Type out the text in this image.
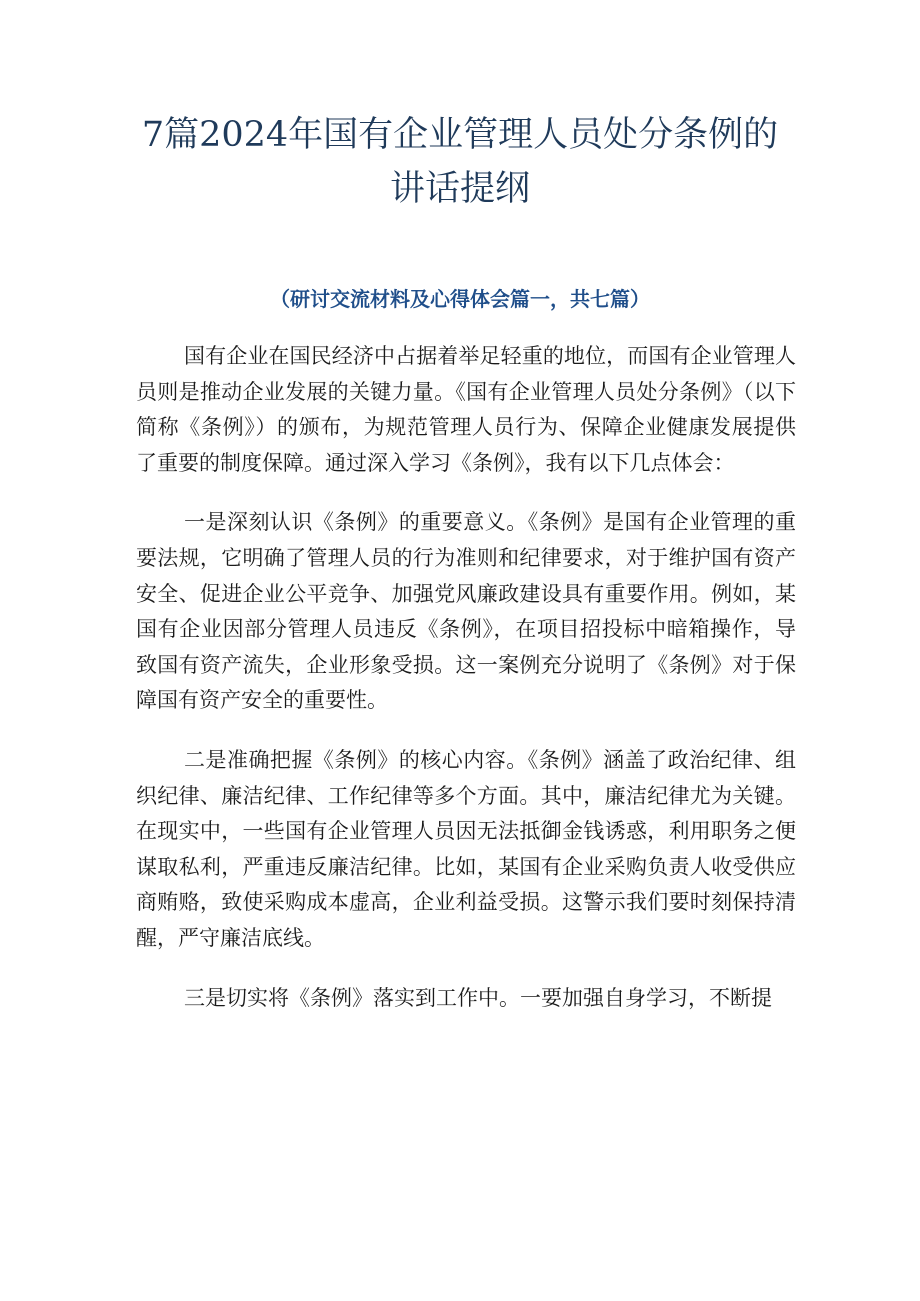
7篇2024年国有企业管理人员处分条例的
讲话提纲
（研讨交流材料及心得体会篇一，共七篇）

国有企业在国民经济中占据着举足轻重的地位，而国有企业管理人员则是推动企业发展的关键力量。《国有企业管理人员处分条例》（以下简称《条例》）的颁布，为规范管理人员行为、保障企业健康发展提供了重要的制度保障。通过深入学习《条例》，我有以下几点体会：

一是深刻认识《条例》的重要意义。《条例》是国有企业管理的重要法规，它明确了管理人员的行为准则和纪律要求，对于维护国有资产安全、促进企业公平竞争、加强党风廉政建设具有重要作用。例如，某国有企业因部分管理人员违反《条例》，在项目招投标中暗箱操作，导致国有资产流失，企业形象受损。这一案例充分说明了《条例》对于保障国有资产安全的重要性。

二是准确把握《条例》的核心内容。《条例》涵盖了政治纪律、组织纪律、廉洁纪律、工作纪律等多个方面。其中，廉洁纪律尤为关键。在现实中，一些国有企业管理人员因无法抵御金钱诱惑，利用职务之便谋取私利，严重违反廉洁纪律。比如，某国有企业采购负责人收受供应商贿赂，致使采购成本虚高，企业利益受损。这警示我们要时刻保持清醒，严守廉洁底线。

三是切实将《条例》落实到工作中。一要加强自身学习，不断提
